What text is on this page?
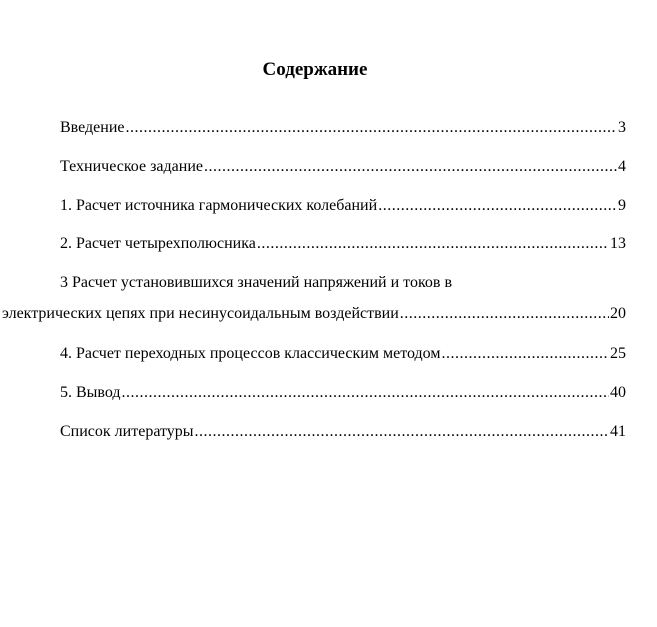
Содержание
Введение .....	3
Техническое задание .....	4
1. Расчет источника гармонических колебаний .....	9
2. Расчет четырехполюсника .....	13
3 Расчет установившихся значений напряжений и токов в
электрических цепях при несинусоидальным воздействии .....	20
4. Расчет переходных процессов классическим методом .....	25
5. Вывод .....	40
Список литературы .....	41
